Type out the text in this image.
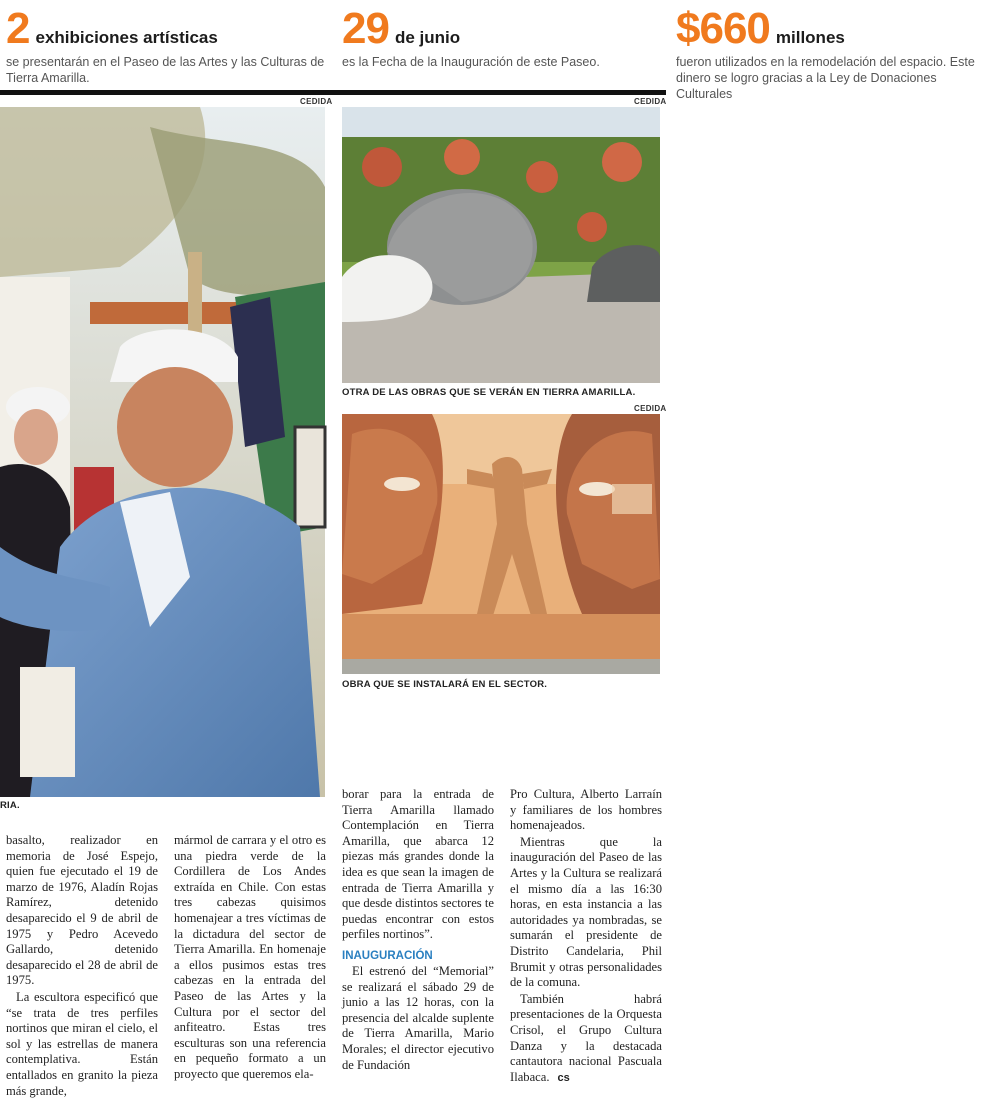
2 exhibiciones artísticas
se presentarán en el Paseo de las Artes y las Culturas de Tierra Amarilla.
29 de junio
es la Fecha de la Inauguración de este Paseo.
$660 millones
fueron utilizados en la remodelación del espacio. Este dinero se logro gracias a la Ley de Donaciones Culturales
CEDIDA
RIA.
CEDIDA
OTRA DE LAS OBRAS QUE SE VERÁN EN TIERRA AMARILLA.
CEDIDA
OBRA QUE SE INSTALARÁ EN EL SECTOR.

basalto, realizador en memoria de José Espejo, quien fue ejecutado el 19 de marzo de 1976, Aladín Rojas Ramírez, detenido desaparecido el 9 de abril de 1975 y Pedro Acevedo Gallardo, detenido desaparecido el 28 de abril de 1975.

La escultora especificó que “se trata de tres perfiles nortinos que miran el cielo, el sol y las estrellas de manera contemplativa. Están entallados en granito la pieza más grande,

mármol de carrara y el otro es una piedra verde de la Cordillera de Los Andes extraída en Chile. Con estas tres cabezas quisimos homenajear a tres víctimas de la dictadura del sector de Tierra Amarilla. En homenaje a ellos pusimos estas tres cabezas en la entrada del Paseo de las Artes y la Cultura por el sector del anfiteatro. Estas tres esculturas son una referencia en pequeño formato a un proyecto que queremos ela-

borar para la entrada de Tierra Amarilla llamado Contemplación en Tierra Amarilla, que abarca 12 piezas más grandes donde la idea es que sean la imagen de entrada de Tierra Amarilla y que desde distintos sectores te puedas encontrar con estos perfiles nortinos”.

INAUGURACIÓN

El estrenó del “Memorial” se realizará el sábado 29 de junio a las 12 horas, con la presencia del alcalde suplente de Tierra Amarilla, Mario Morales; el director ejecutivo de Fundación

Pro Cultura, Alberto Larraín y familiares de los hombres homenajeados.

Mientras que la inauguración del Paseo de las Artes y la Cultura se realizará el mismo día a las 16:30 horas, en esta instancia a las autoridades ya nombradas, se sumarán el presidente de Distrito Candelaria, Phil Brumit y otras personalidades de la comuna.

También habrá presentaciones de la Orquesta Crisol, el Grupo Cultura Danza y la destacada cantautora nacional Pascuala Ilabaca. cs
